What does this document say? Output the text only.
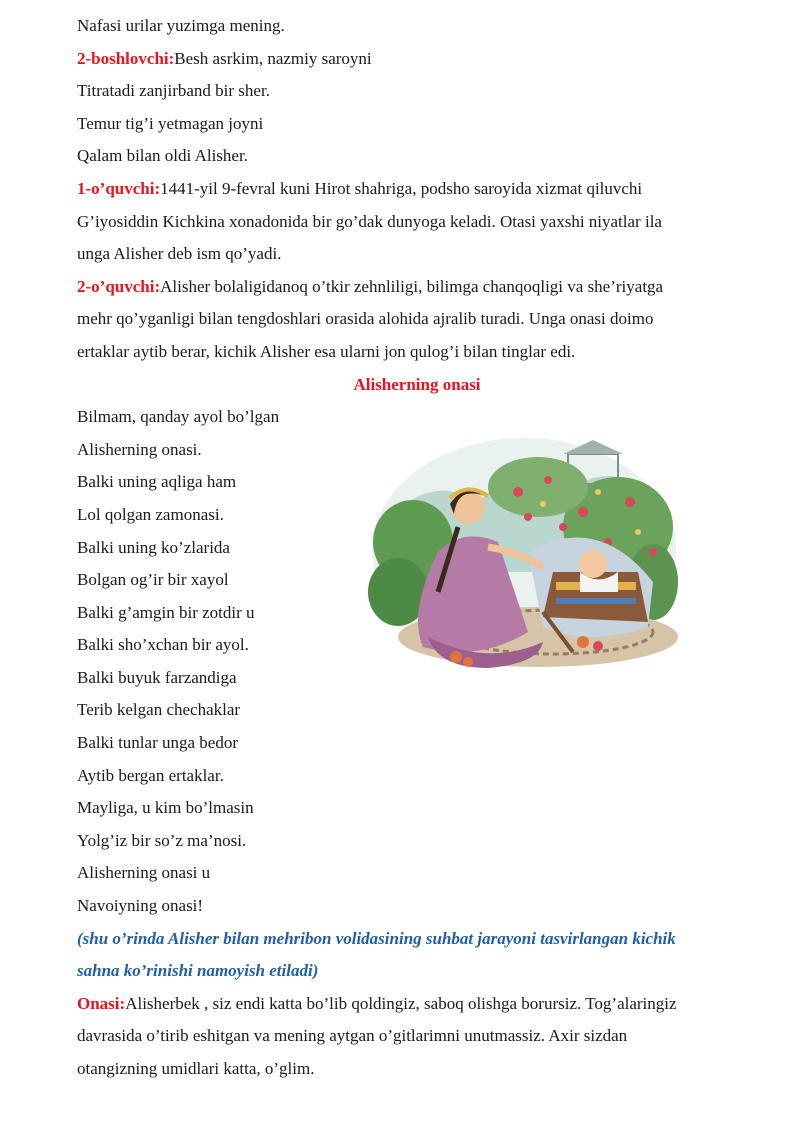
Nafasi urilar yuzimga mening.
2-boshlovchi:Besh asrkim, nazmiy saroyni
Titratadi zanjirband bir sher.
Temur tig’i yetmagan joyni
Qalam bilan oldi Alisher.
1-o’quvchi:1441-yil 9-fevral kuni Hirot shahriga, podsho saroyida xizmat qiluvchi
G’iyosiddin Kichkina xonadonida bir go’dak dunyoga keladi. Otasi yaxshi niyatlar ila
unga Alisher deb ism qo’yadi.
2-o’quvchi:Alisher bolaligidanoq o’tkir zehnliligi, bilimga chanqoqligi va she’riyatga
mehr qo’yganligi bilan tengdoshlari orasida alohida ajralib turadi. Unga onasi doimo
ertaklar aytib berar, kichik Alisher esa ularni jon qulog’i bilan tinglar edi.
Alisherning onasi
Bilmam, qanday ayol bo’lgan
Alisherning onasi.
Balki uning aqliga ham
Lol qolgan zamonasi.
Balki uning ko’zlarida
Bolgan og’ir bir xayol
Balki g’amgin bir zotdir u
Balki sho’xchan bir ayol.
Balki buyuk farzandiga
Terib kelgan chechaklar
Balki tunlar unga bedor
Aytib bergan ertaklar.
Mayliga, u kim bo’lmasin
Yolg’iz bir so’z ma’nosi.
Alisherning onasi u
Navoiyning onasi!
(shu o’rinda Alisher bilan mehribon volidasining suhbat jarayoni tasvirlangan kichik
sahna ko’rinishi namoyish etiladi)
Onasi:Alisherbek , siz endi katta bo’lib qoldingiz, saboq olishga borursiz. Tog’alaringiz
davrasida o’tirib eshitgan va mening aytgan o’gitlarimni unutmassiz. Axir sizdan
otangizning umidlari katta, o’glim.
